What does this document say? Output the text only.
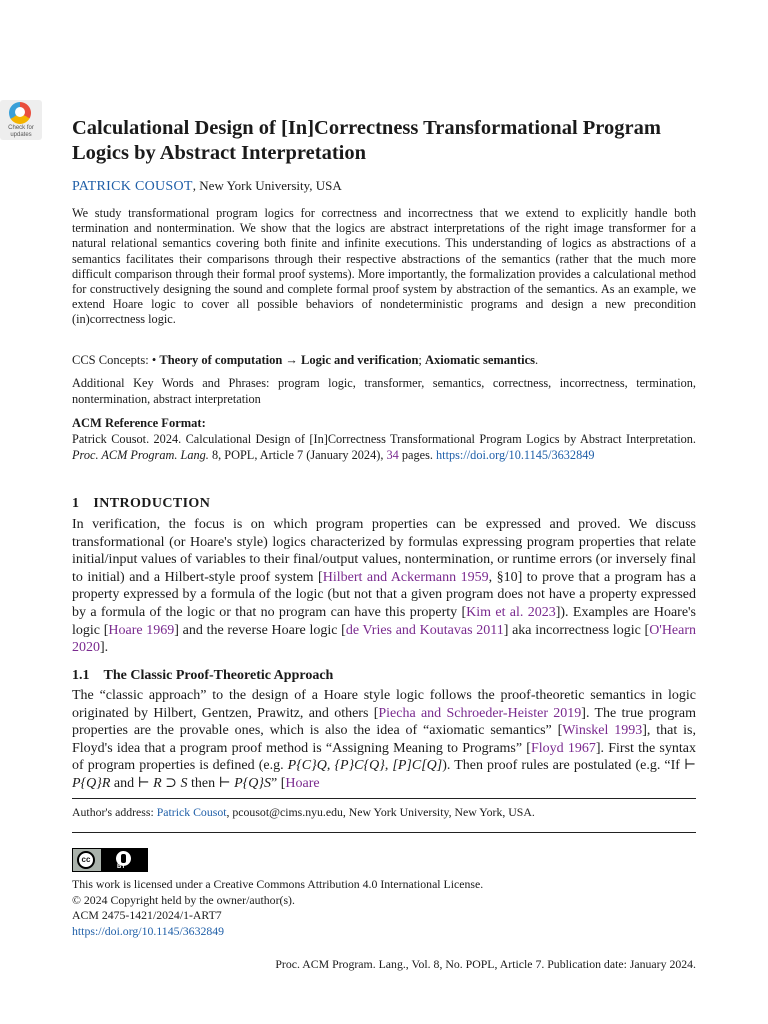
Check for
updates	Calculational Design of [In]Correctness Transformational Program Logics by Abstract Interpretation
PATRICK COUSOT, New York University, USA

We study transformational program logics for correctness and incorrectness that we extend to explicitly handle both termination and nontermination. We show that the logics are abstract interpretations of the right image transformer for a natural relational semantics covering both finite and infinite executions. This understanding of logics as abstractions of a semantics facilitates their comparisons through their respective abstractions of the semantics (rather that the much more difficult comparison through their formal proof systems). More importantly, the formalization provides a calculational method for constructively designing the sound and complete formal proof system by abstraction of the semantics. As an example, we extend Hoare logic to cover all possible behaviors of nondeterministic programs and design a new precondition (in)correctness logic.

CCS Concepts: • Theory of computation → Logic and verification; Axiomatic semantics.
Additional Key Words and Phrases: program logic, transformer, semantics, correctness, incorrectness, termination, nontermination, abstract interpretation
ACM Reference Format:
Patrick Cousot. 2024. Calculational Design of [In]Correctness Transformational Program Logics by Abstract Interpretation. Proc. ACM Program. Lang. 8, POPL, Article 7 (January 2024), 34 pages. https://doi.org/10.1145/3632849
1 INTRODUCTION

In verification, the focus is on which program properties can be expressed and proved. We discuss transformational (or Hoare's style) logics characterized by formulas expressing program properties that relate initial/input values of variables to their final/output values, nontermination, or runtime errors (or inversely final to initial) and a Hilbert-style proof system [Hilbert and Ackermann 1959, §10] to prove that a program has a property expressed by a formula of the logic (but not that a given program does not have a property expressed by a formula of the logic or that no program can have this property [Kim et al. 2023]). Examples are Hoare's logic [Hoare 1969] and the reverse Hoare logic [de Vries and Koutavas 2011] aka incorrectness logic [O'Hearn 2020].

1.1 The Classic Proof-Theoretic Approach

The “classic approach” to the design of a Hoare style logic follows the proof-theoretic semantics in logic originated by Hilbert, Gentzen, Prawitz, and others [Piecha and Schroeder-Heister 2019]. The true program properties are the provable ones, which is also the idea of “axiomatic semantics” [Winskel 1993], that is, Floyd's idea that a program proof method is “Assigning Meaning to Programs” [Floyd 1967]. First the syntax of program properties is defined (e.g. P{C}Q, {P}C{Q}, [P]C[Q]). Then proof rules are postulated (e.g. “If ⊢ P{Q}R and ⊢ R ⊃ S then ⊢ P{Q}S” [Hoare

Author's address: Patrick Cousot, pcousot@cims.nyu.edu, New York University, New York, USA.
cc
BY
This work is licensed under a Creative Commons Attribution 4.0 International License.
© 2024 Copyright held by the owner/author(s).
ACM 2475-1421/2024/1-ART7
https://doi.org/10.1145/3632849
Proc. ACM Program. Lang., Vol. 8, No. POPL, Article 7. Publication date: January 2024.
